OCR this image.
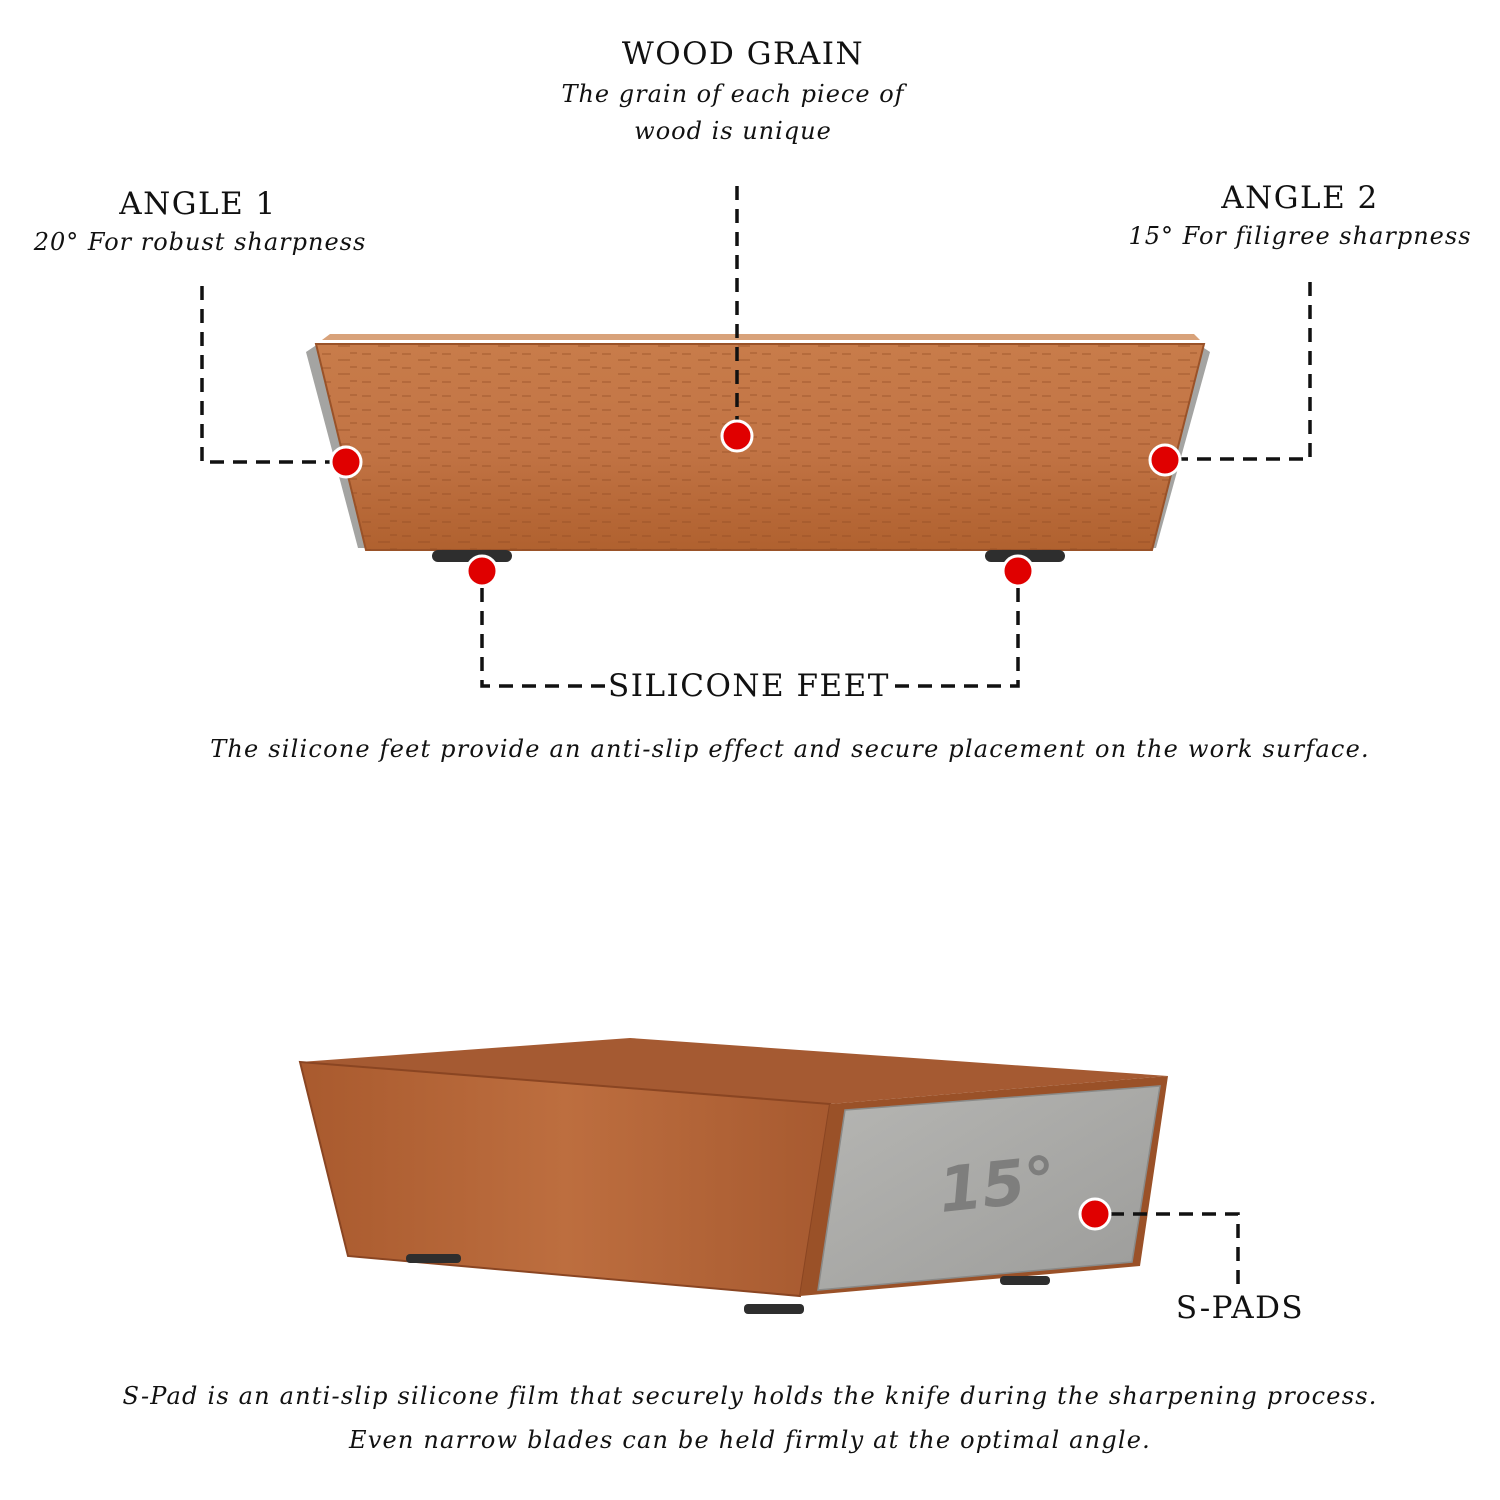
15°
WOOD GRAIN
The grain of each piece of
wood is unique
ANGLE 1
20° For robust sharpness
ANGLE 2
15° For filigree sharpness
SILICONE FEET
The silicone feet provide an anti-slip effect and secure placement on the work surface.
S-PADS
S-Pad is an anti-slip silicone film that securely holds the knife during the sharpening process.
Even narrow blades can be held firmly at the optimal angle.
